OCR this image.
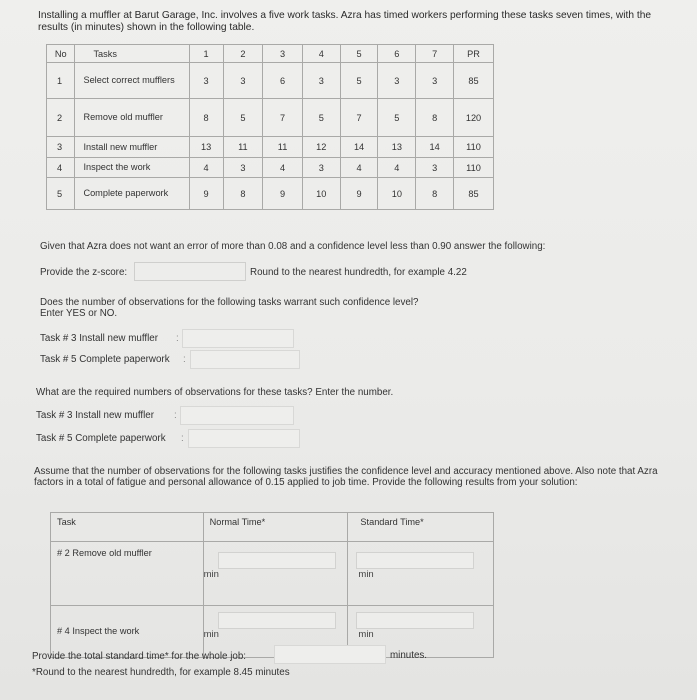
Installing a muffler at Barut Garage, Inc. involves a five work tasks. Azra has timed workers performing these tasks seven times, with the results (in minutes) shown in the following table.
No	Tasks	1	2	3	4	5	6	7	PR
1	Select correct mufflers	3	3	6	3	5	3	3	85
2	Remove old muffler	8	5	7	5	7	5	8	120
3	Install new muffler	13	11	11	12	14	13	14	110
4	Inspect the work	4	3	4	3	4	4	3	110
5	Complete paperwork	9	8	9	10	9	10	8	85
Given that Azra does not want an error of more than 0.08 and a confidence level less than 0.90 answer the following:
Provide the z-score:	Round to the nearest hundredth, for example 4.22
Does the number of observations for the following tasks warrant such confidence level?
Enter YES or NO.
Task # 3 Install new muffler :
Task # 5 Complete paperwork :
What are the required numbers of observations for these tasks? Enter the number.
Task # 3 Install new muffler :
Task # 5 Complete paperwork :
Assume that the number of observations for the following tasks justifies the confidence level and accuracy mentioned above. Also note that Azra factors in a total of fatigue and personal allowance of 0.15 applied to job time. Provide the following results from your solution:
Task	Normal Time*	Standard Time*
# 2 Remove old muffler	min	min

# 4 Inspect the work	min	min
Provide the total standard time* for the whole job:	minutes.
*Round to the nearest hundredth, for example 8.45 minutes
